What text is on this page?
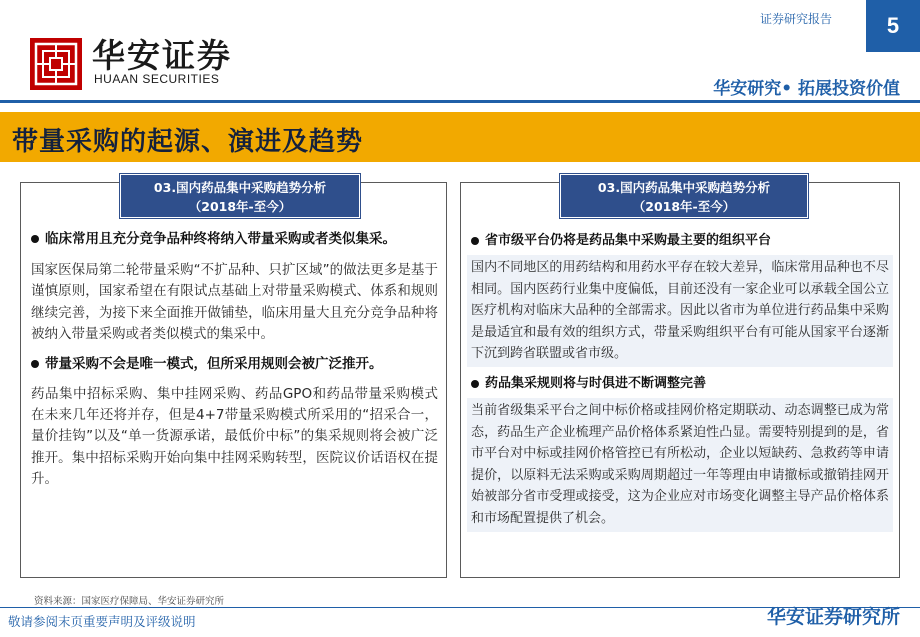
华安证券
HUAAN SECURITIES
证券研究报告	5
华安研究• 拓展投资价值
带量采购的起源、演进及趋势
临床常用且充分竞争品种终将纳入带量采购或者类似集采。
国家医保局第二轮带量采购“不扩品种、只扩区域”的做法更多是基于谨慎原则，国家希望在有限试点基础上对带量采购模式、体系和规则继续完善，为接下来全面推开做铺垫，临床用量大且充分竞争品种将被纳入带量采购或者类似模式的集采中。
带量采购不会是唯一模式，但所采用规则会被广泛推开。
药品集中招标采购、集中挂网采购、药品GPO和药品带量采购模式在未来几年还将并存，但是4+7带量采购模式所采用的“招采合一，量价挂钩”以及“单一货源承诺，最低价中标”的集采规则将会被广泛推开。集中招标采购开始向集中挂网采购转型，医院议价话语权在提升。
03.国内药品集中采购趋势分析
（2018年-至今）
省市级平台仍将是药品集中采购最主要的组织平台
国内不同地区的用药结构和用药水平存在较大差异，临床常用品种也不尽相同。国内医药行业集中度偏低，目前还没有一家企业可以承载全国公立医疗机构对临床大品种的全部需求。因此以省市为单位进行药品集中采购是最适宜和最有效的组织方式，带量采购组织平台有可能从国家平台逐渐下沉到跨省联盟或省市级。
药品集采规则将与时俱进不断调整完善
当前省级集采平台之间中标价格或挂网价格定期联动、动态调整已成为常态，药品生产企业梳理产品价格体系紧迫性凸显。需要特别提到的是，省市平台对中标或挂网价格管控已有所松动，企业以短缺药、急救药等申请提价，以原料无法采购或采购周期超过一年等理由申请撤标或撤销挂网开始被部分省市受理或接受，这为企业应对市场变化调整主导产品价格体系和市场配置提供了机会。
03.国内药品集中采购趋势分析
（2018年-至今）
资料来源：国家医疗保障局、华安证券研究所
敬请参阅末页重要声明及评级说明	华安证券研究所
